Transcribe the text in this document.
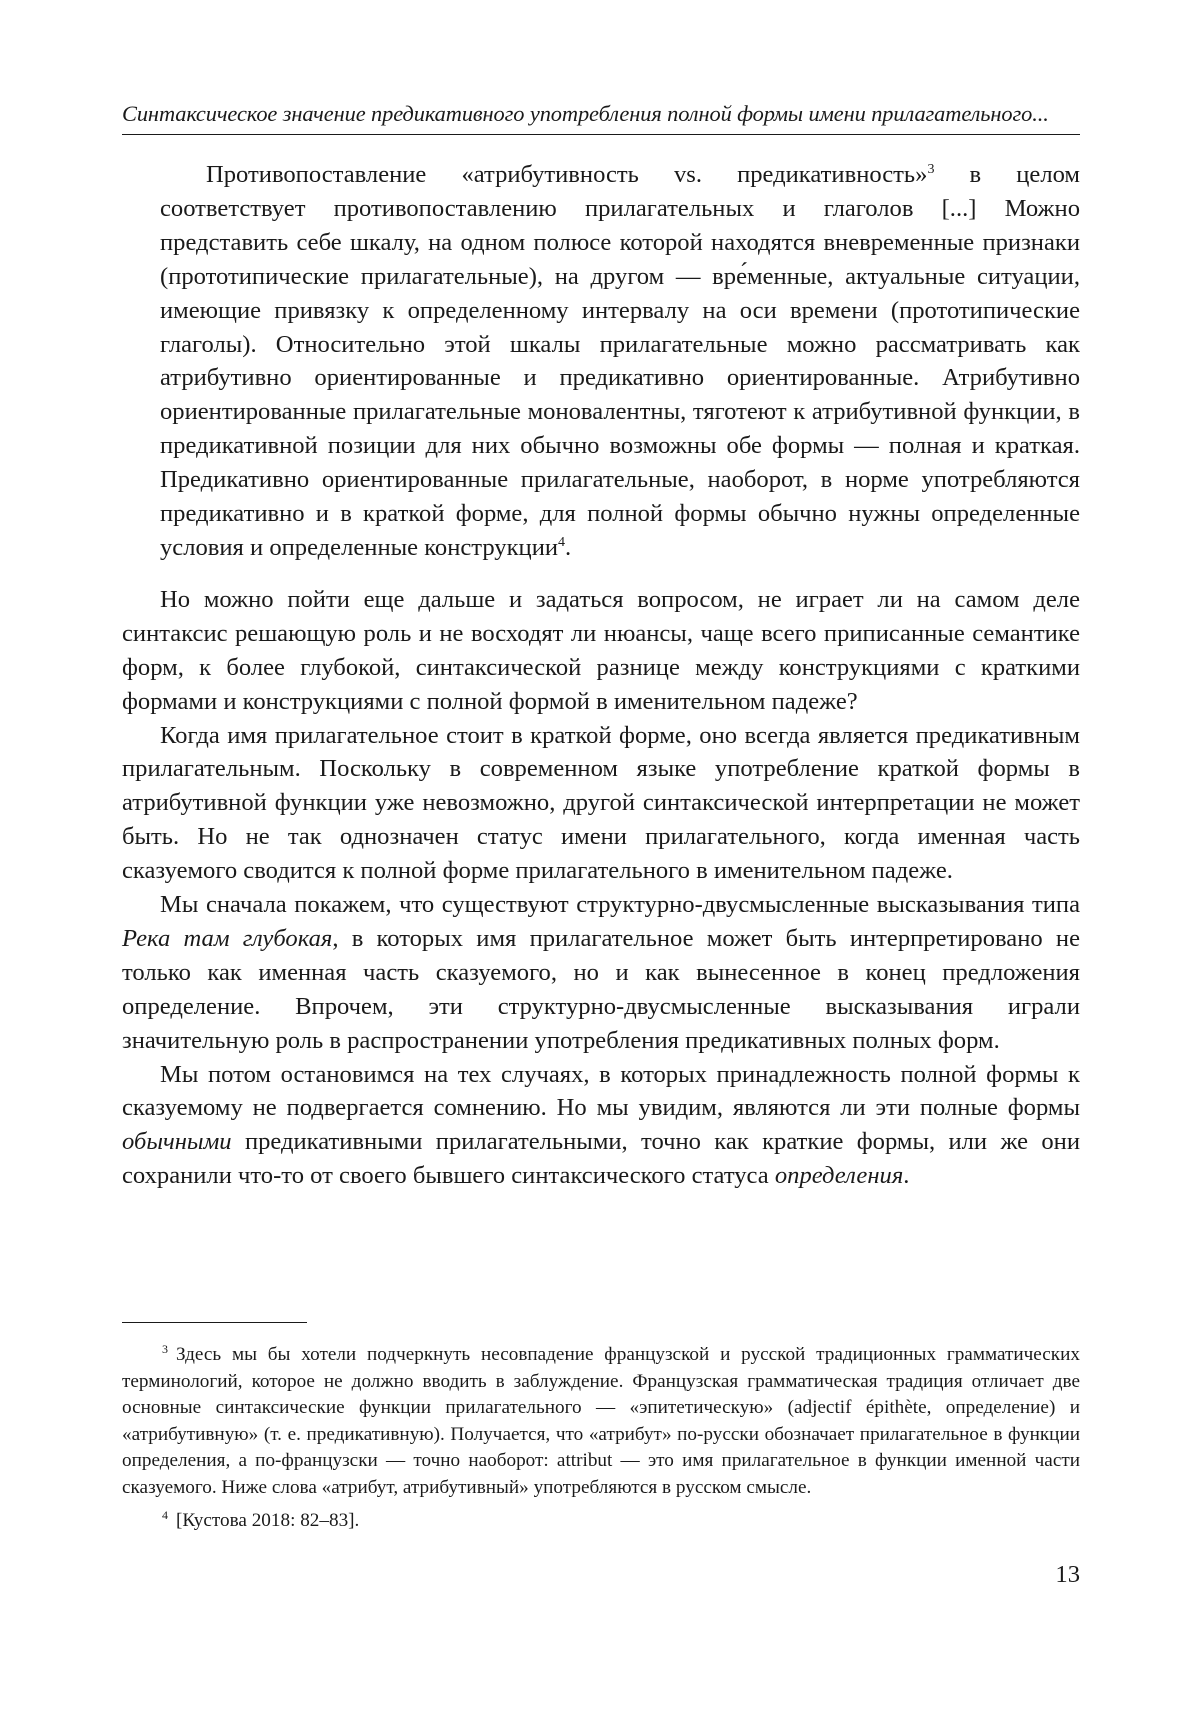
Синтаксическое значение предикативного употребления полной формы имени прилагательного...

Противопоставление «атрибутивность vs. предикативность»$^3$ в целом соответствует противопоставлению прилагательных и глаголов [...] Можно представить себе шкалу, на одном полюсе которой находятся вневременные признаки (прототипические прилагательные), на другом — вре́менные, актуальные ситуации, имеющие привязку к определенному интервалу на оси времени (прототипические глаголы). Относительно этой шкалы прилагательные можно рассматривать как атрибутивно ориентированные и предикативно ориентированные. Атрибутивно ориентированные прилагательные моновалентны, тяготеют к атрибутивной функции, в предикативной позиции для них обычно возможны обе формы — полная и краткая. Предикативно ориентированные прилагательные, наоборот, в норме употребляются предикативно и в краткой форме, для полной формы обычно нужны определенные условия и определенные конструкции$^4$.

Но можно пойти еще дальше и задаться вопросом, не играет ли на самом деле синтаксис решающую роль и не восходят ли нюансы, чаще всего приписанные семантике форм, к более глубокой, синтаксической разнице между конструкциями с краткими формами и конструкциями с полной формой в именительном падеже?

Когда имя прилагательное стоит в краткой форме, оно всегда является предикативным прилагательным. Поскольку в современном языке употребление краткой формы в атрибутивной функции уже невозможно, другой синтаксической интерпретации не может быть. Но не так однозначен статус имени прилагательного, когда именная часть сказуемого сводится к полной форме прилагательного в именительном падеже.

Мы сначала покажем, что существуют структурно-двусмысленные высказывания типа Река там глубокая, в которых имя прилагательное может быть интерпретировано не только как именная часть сказуемого, но и как вынесенное в конец предложения определение. Впрочем, эти структурно-двусмысленные высказывания играли значительную роль в распространении употребления предикативных полных форм.

Мы потом остановимся на тех случаях, в которых принадлежность полной формы к сказуемому не подвергается сомнению. Но мы увидим, являются ли эти полные формы обычными предикативными прилагательными, точно как краткие формы, или же они сохранили что-то от своего бывшего синтаксического статуса определения.

$^3$ Здесь мы бы хотели подчеркнуть несовпадение французской и русской традиционных грамматических терминологий, которое не должно вводить в заблуждение. Французская грамматическая традиция отличает две основные синтаксические функции прилагательного — «эпитетическую» (adjectif épithète, определение) и «атрибутивную» (т. е. предикативную). Получается, что «атрибут» по-русски обозначает прилагательное в функции определения, а по-французски — точно наоборот: attribut — это имя прилагательное в функции именной части сказуемого. Ниже слова «атрибут, атрибутивный» употребляются в русском смысле.

$^4$ [Кустова 2018: 82–83].

13
